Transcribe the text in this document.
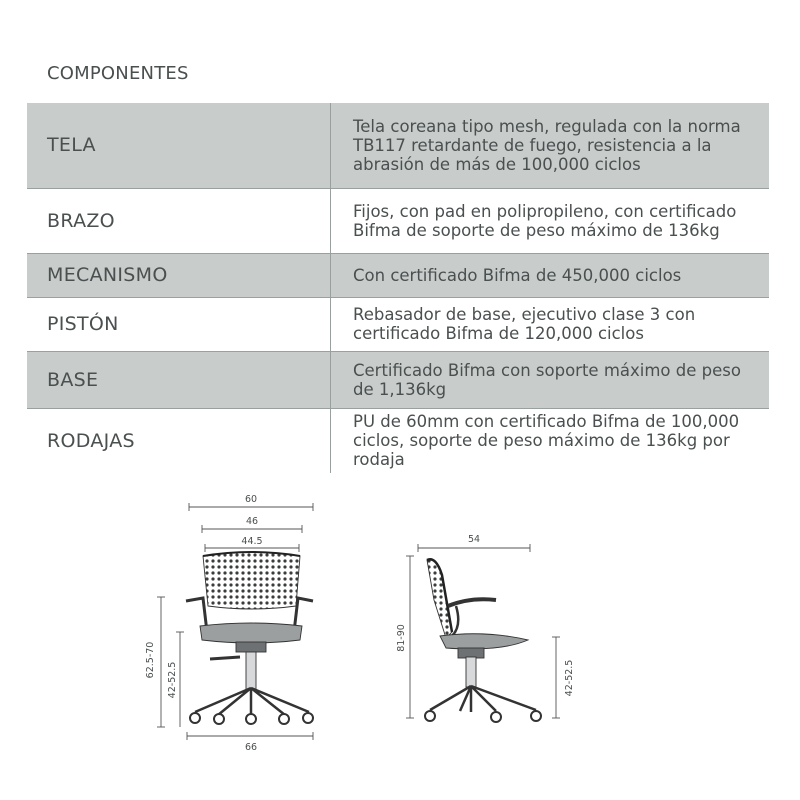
COMPONENTES
TELA	Tela coreana tipo mesh, regulada con la norma
TB117 retardante de fuego, resistencia a la
abrasión de más de 100,000 ciclos

BRAZO	Fijos, con pad en polipropileno, con certificado
Bifma de soporte de peso máximo de 136kg

MECANISMO	Con certificado Bifma de 450,000 ciclos

PISTÓN	Rebasador de base, ejecutivo clase 3 con
certificado Bifma de 120,000 ciclos

BASE	Certificado Bifma con soporte máximo de peso
de 1,136kg

RODAJAS	PU de 60mm con certificado Bifma de 100,000
ciclos, soporte de peso máximo de 136kg por
rodaja
60
46
44.5
66
62.5-70
42-52.5
54
81-90
42-52.5
